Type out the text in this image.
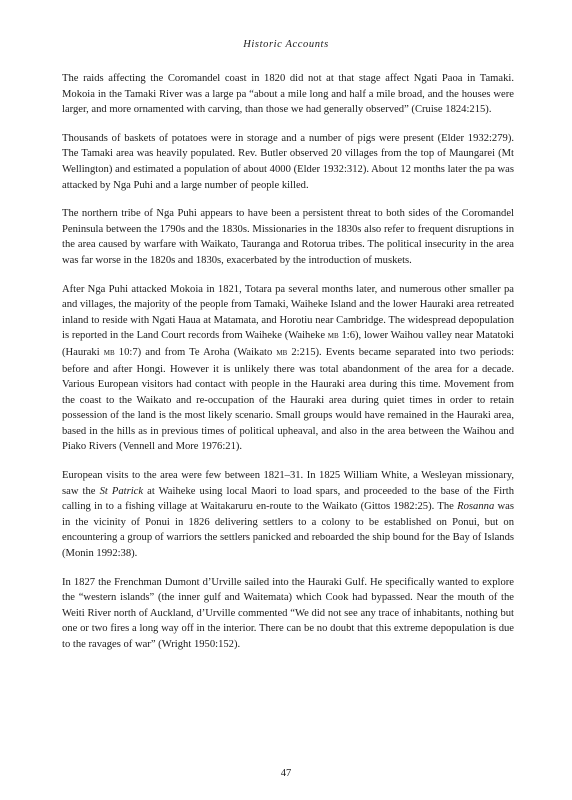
Historic Accounts

The raids affecting the Coromandel coast in 1820 did not at that stage affect Ngati Paoa in Tamaki. Mokoia in the Tamaki River was a large pa “about a mile long and half a mile broad, and the houses were larger, and more ornamented with carving, than those we had generally observed” (Cruise 1824:215).

Thousands of baskets of potatoes were in storage and a number of pigs were present (Elder 1932:279). The Tamaki area was heavily populated. Rev. Butler observed 20 villages from the top of Maungarei (Mt Wellington) and estimated a population of about 4000 (Elder 1932:312). About 12 months later the pa was attacked by Nga Puhi and a large number of people killed.

The northern tribe of Nga Puhi appears to have been a persistent threat to both sides of the Coromandel Peninsula between the 1790s and the 1830s. Missionaries in the 1830s also refer to frequent disruptions in the area caused by warfare with Waikato, Tauranga and Rotorua tribes. The political insecurity in the area was far worse in the 1820s and 1830s, exacerbated by the introduction of muskets.

After Nga Puhi attacked Mokoia in 1821, Totara pa several months later, and numerous other smaller pa and villages, the majority of the people from Tamaki, Waiheke Island and the lower Hauraki area retreated inland to reside with Ngati Haua at Matamata, and Horotiu near Cambridge. The widespread depopulation is reported in the Land Court records from Waiheke (Waiheke mb 1:6), lower Waihou valley near Matatoki (Hauraki mb 10:7) and from Te Aroha (Waikato mb 2:215). Events became separated into two periods: before and after Hongi. However it is unlikely there was total abandonment of the area for a decade. Various European visitors had contact with people in the Hauraki area during this time. Movement from the coast to the Waikato and re-occupation of the Hauraki area during quiet times in order to retain possession of the land is the most likely scenario. Small groups would have remained in the Hauraki area, based in the hills as in previous times of political upheaval, and also in the area between the Waihou and Piako Rivers (Vennell and More 1976:21).

European visits to the area were few between 1821–31. In 1825 William White, a Wesleyan missionary, saw the St Patrick at Waiheke using local Maori to load spars, and proceeded to the base of the Firth calling in to a fishing village at Waitakaruru en-route to the Waikato (Gittos 1982:25). The Rosanna was in the vicinity of Ponui in 1826 delivering settlers to a colony to be established on Ponui, but on encountering a group of warriors the settlers panicked and reboarded the ship bound for the Bay of Islands (Monin 1992:38).

In 1827 the Frenchman Dumont d’Urville sailed into the Hauraki Gulf. He specifically wanted to explore the “western islands” (the inner gulf and Waitemata) which Cook had bypassed. Near the mouth of the Weiti River north of Auckland, d’Urville commented “We did not see any trace of inhabitants, nothing but one or two fires a long way off in the interior. There can be no doubt that this extreme depopulation is due to the ravages of war” (Wright 1950:152).

47
